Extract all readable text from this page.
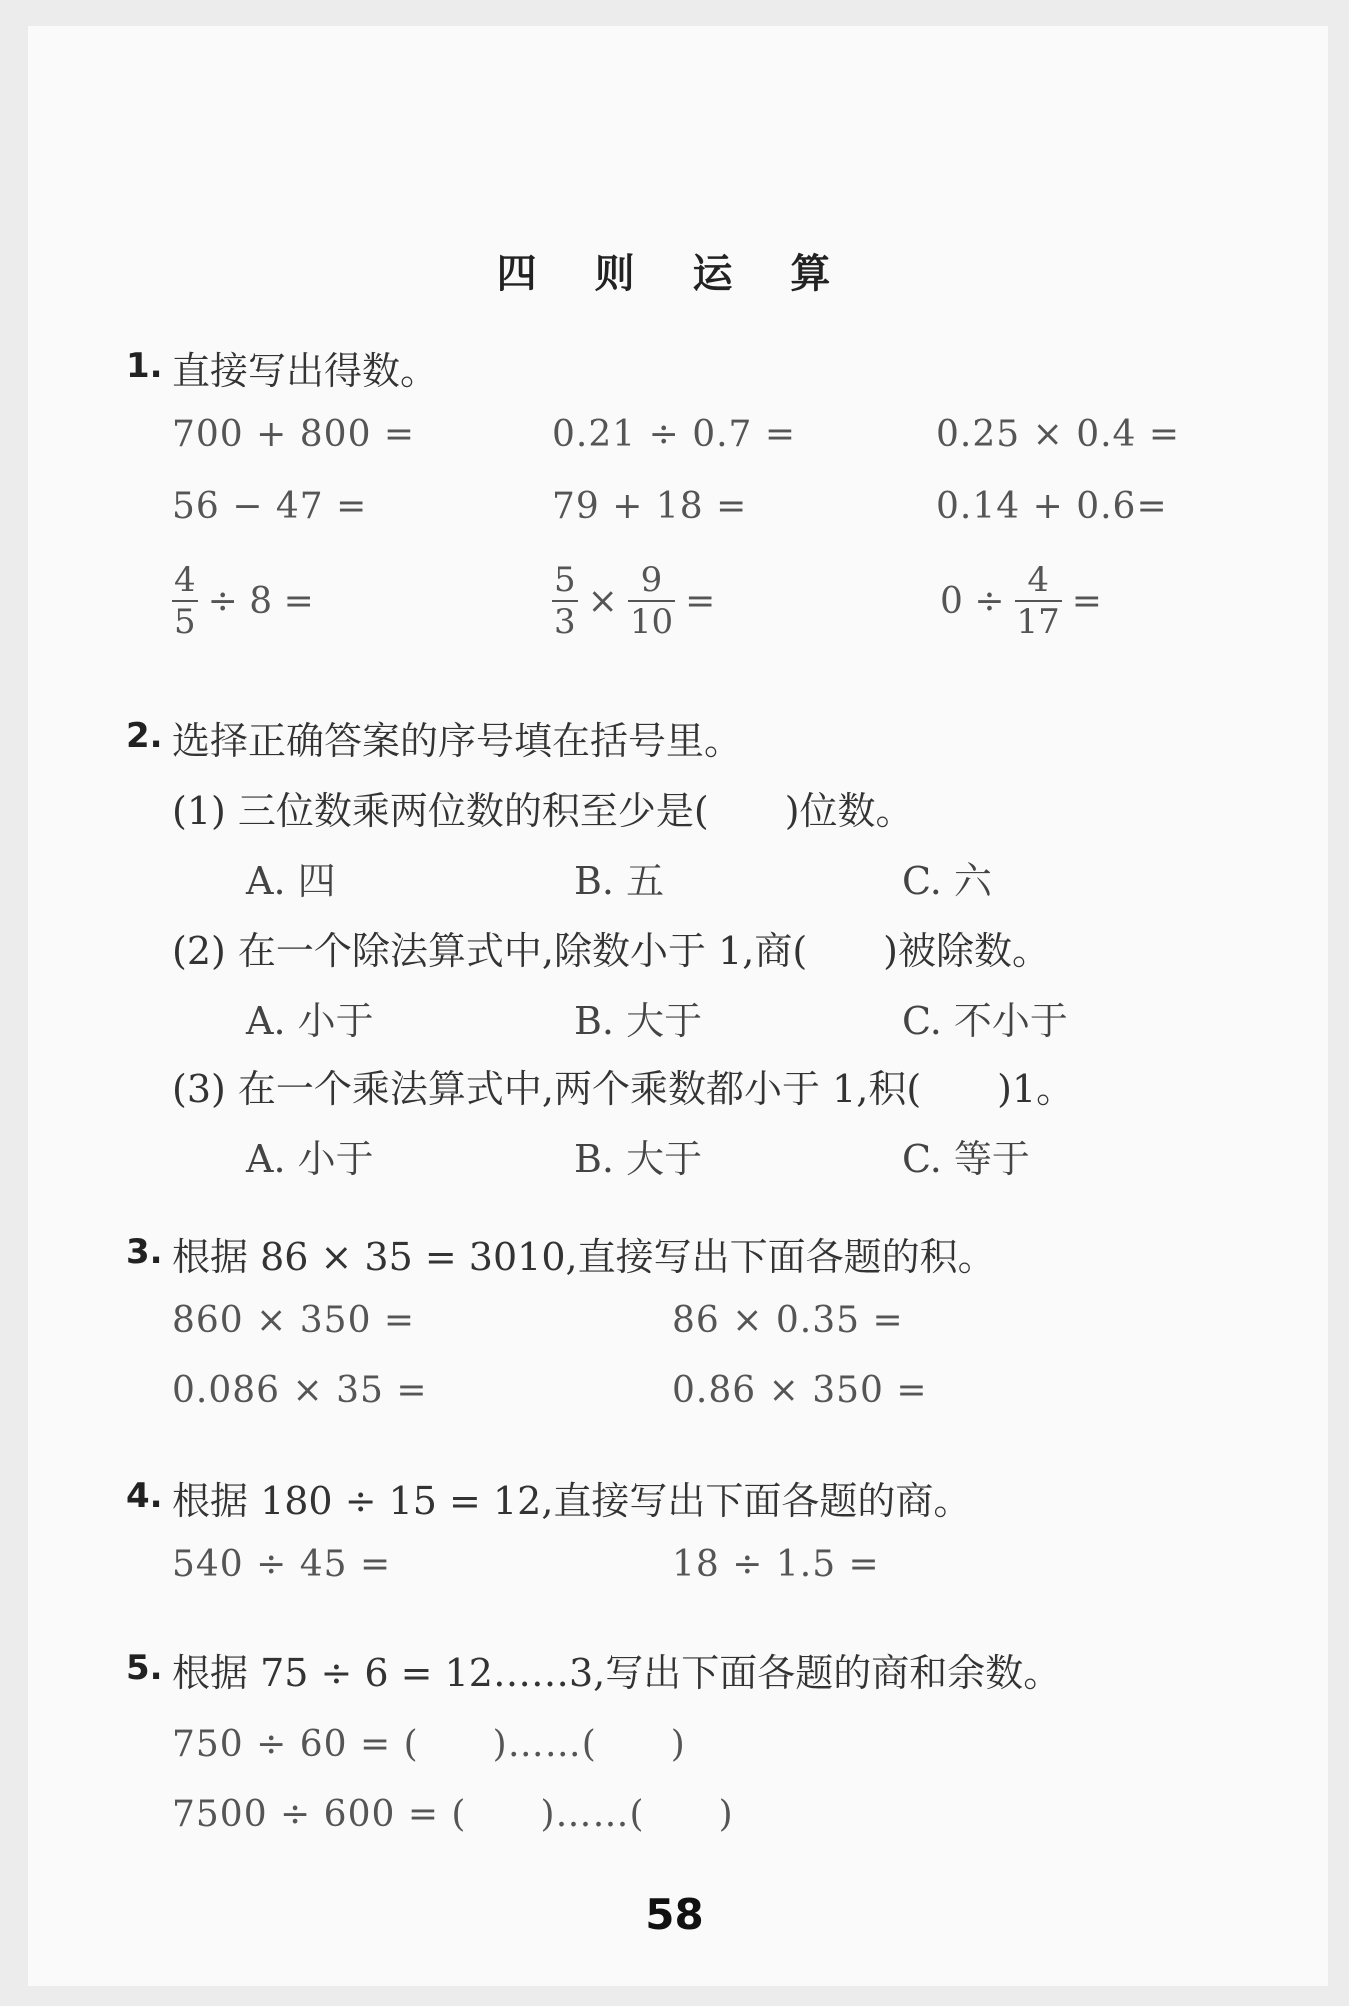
四 则 运 算
1. 直接写出得数。
700 + 800 =	0.21 ÷ 0.7 =	0.25 × 0.4 =
56 − 47 =	79 + 18 =	0.14 + 0.6=
$\frac{4}{5} \div 8$ =	$\frac{5}{3} \times \frac{9}{10}$ =	$0 \div \frac{4}{17}$ =
2. 选择正确答案的序号填在括号里。
(1) 三位数乘两位数的积至少是(　　)位数。
A. 四	B. 五	C. 六
(2) 在一个除法算式中,除数小于 1,商(　　)被除数。
A. 小于	B. 大于	C. 不小于
(3) 在一个乘法算式中,两个乘数都小于 1,积(　　)1。
A. 小于	B. 大于	C. 等于
3. 根据 86 × 35 = 3010,直接写出下面各题的积。
860 × 350 =	86 × 0.35 =
0.086 × 35 =	0.86 × 350 =
4. 根据 180 ÷ 15 = 12,直接写出下面各题的商。
540 ÷ 45 =	18 ÷ 1.5 =
5. 根据 75 ÷ 6 = 12……3,写出下面各题的商和余数。
750 ÷ 60 = (　　)……(　　)
7500 ÷ 600 = (　　)……(　　)
58
